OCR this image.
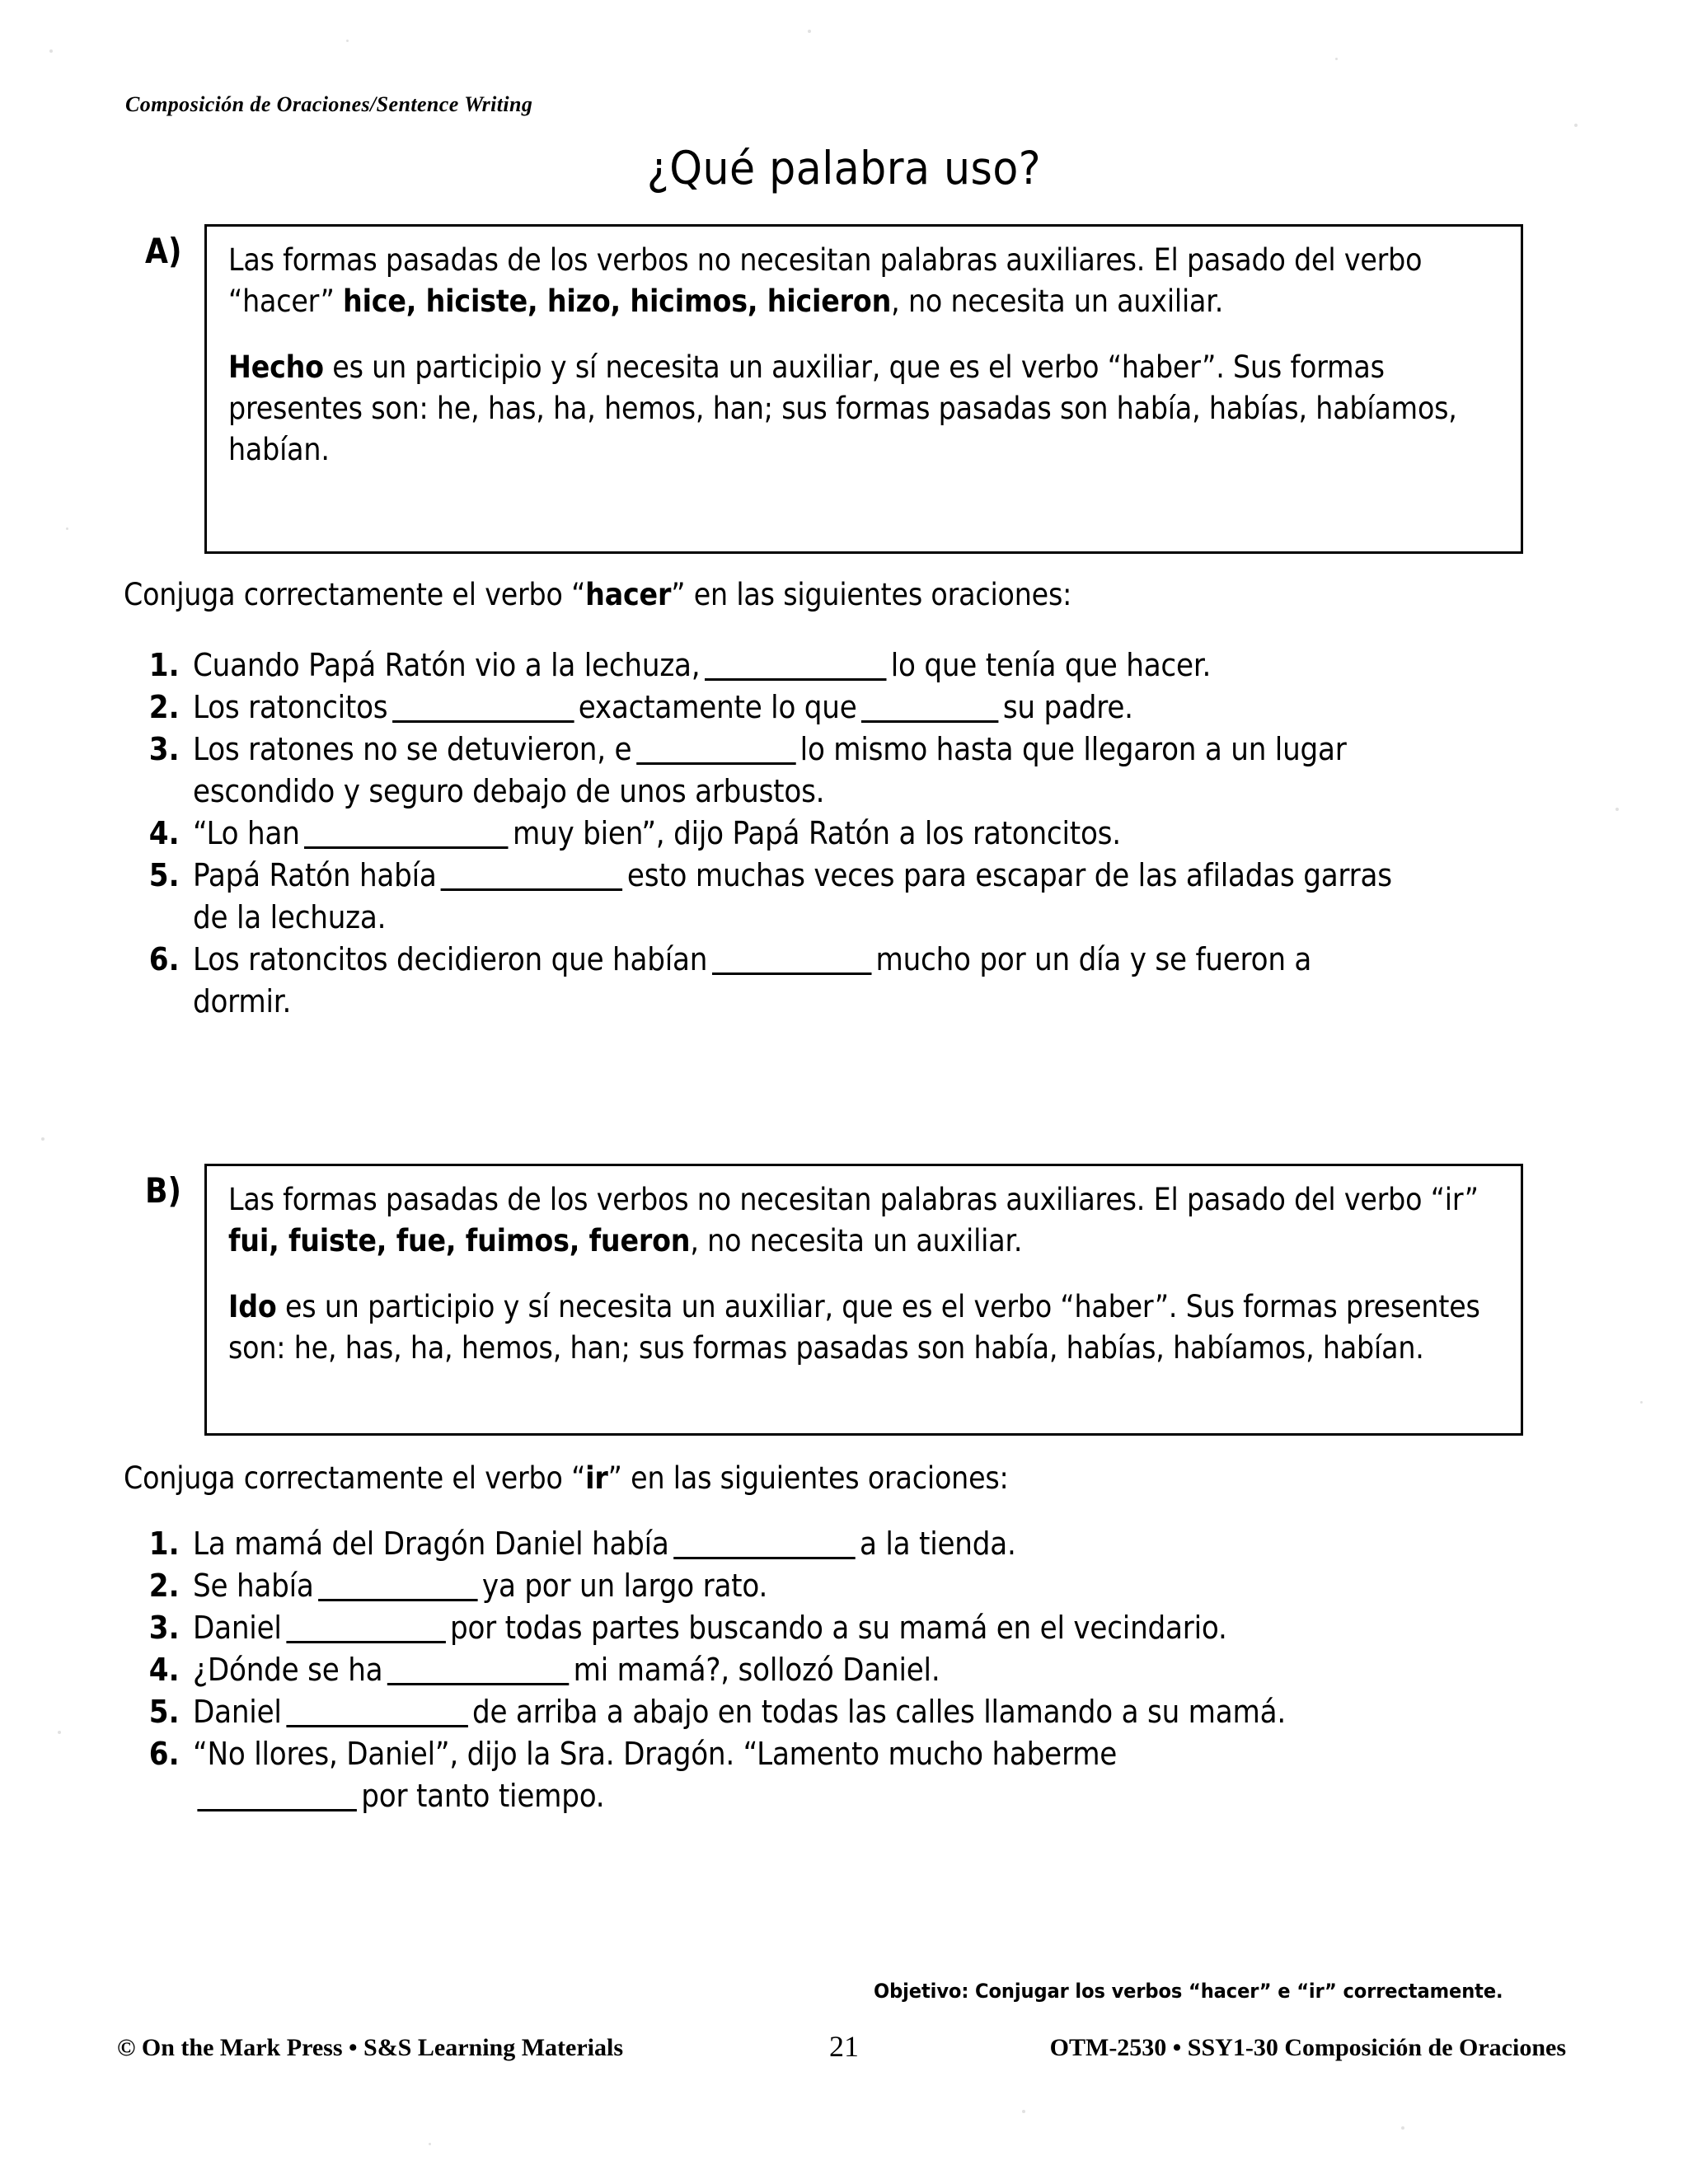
Composición de Oraciones/Sentence Writing
¿Qué palabra uso?
A) Las formas pasadas de los verbos no necesitan palabras auxiliares. El pasado del verbo “hacer” hice, hiciste, hizo, hicimos, hicieron, no necesita un auxiliar.
Hecho es un participio y sí necesita un auxiliar, que es el verbo “haber”. Sus formas presentes son: he, has, ha, hemos, han; sus formas pasadas son había, habías, habíamos, habían.
Conjuga correctamente el verbo “hacer” en las siguientes oraciones:
1. Cuando Papá Ratón vio a la lechuza,	lo que tenía que hacer.
2. Los ratoncitos	exactamente lo que	su padre.
3. Los ratones no se detuvieron, e	lo mismo hasta que llegaron a un lugar escondido y seguro debajo de unos arbustos.
4. “Lo han	muy bien”, dijo Papá Ratón a los ratoncitos.
5. Papá Ratón había	esto muchas veces para escapar de las afiladas garras de la lechuza.
6. Los ratoncitos decidieron que habían	mucho por un día y se fueron a dormir.
B) Las formas pasadas de los verbos no necesitan palabras auxiliares. El pasado del verbo “ir” fui, fuiste, fue, fuimos, fueron, no necesita un auxiliar.
Ido es un participio y sí necesita un auxiliar, que es el verbo “haber”. Sus formas presentes son: he, has, ha, hemos, han; sus formas pasadas son había, habías, habíamos, habían.
Conjuga correctamente el verbo “ir” en las siguientes oraciones:
1. La mamá del Dragón Daniel había	a la tienda.
2. Se había	ya por un largo rato.
3. Daniel	por todas partes buscando a su mamá en el vecindario.
4. ¿Dónde se ha	mi mamá?, sollozó Daniel.
5. Daniel	de arriba a abajo en todas las calles llamando a su mamá.
6. “No llores, Daniel”, dijo la Sra. Dragón. “Lamento mucho haberme
por tanto tiempo.
Objetivo: Conjugar los verbos “hacer” e “ir” correctamente.
© On the Mark Press • S&S Learning Materials	21	OTM-2530 • SSY1-30 Composición de Oraciones
